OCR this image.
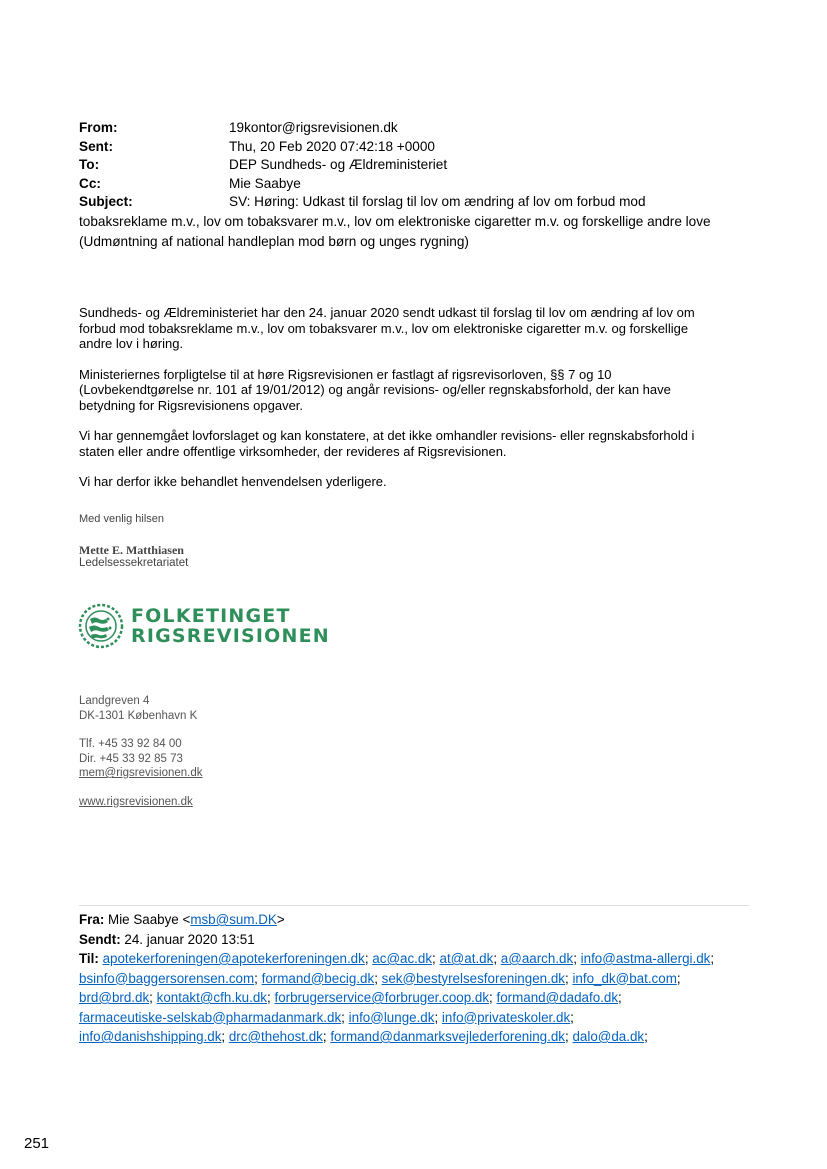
From:	19kontor@rigsrevisionen.dk
Sent:	Thu, 20 Feb 2020 07:42:18 +0000
To:	DEP Sundheds- og Ældreministeriet
Cc:	Mie Saabye
Subject:	SV: Høring: Udkast til forslag til lov om ændring af lov om forbud mod
tobaksreklame m.v., lov om tobaksvarer m.v., lov om elektroniske cigaretter m.v. og forskellige andre love
(Udmøntning af national handleplan mod børn og unges rygning)

Sundheds- og Ældreministeriet har den 24. januar 2020 sendt udkast til forslag til lov om ændring af lov om
forbud mod tobaksreklame m.v., lov om tobaksvarer m.v., lov om elektroniske cigaretter m.v. og forskellige
andre lov i høring.

Ministeriernes forpligtelse til at høre Rigsrevisionen er fastlagt af rigsrevisorloven, §§ 7 og 10
(Lovbekendtgørelse nr. 101 af 19/01/2012) og angår revisions- og/eller regnskabsforhold, der kan have
betydning for Rigsrevisionens opgaver.

Vi har gennemgået lovforslaget og kan konstatere, at det ikke omhandler revisions- eller regnskabsforhold i
staten eller andre offentlige virksomheder, der revideres af Rigsrevisionen.

Vi har derfor ikke behandlet henvendelsen yderligere.

Med venlig hilsen
Mette E. Matthiasen
Ledelsessekretariatet
FOLKETINGET
RIGSREVISIONEN
Landgreven 4
DK-1301 København K
Tlf. +45 33 92 84 00
Dir. +45 33 92 85 73
mem@rigsrevisionen.dk
www.rigsrevisionen.dk
Fra: Mie Saabye <msb@sum.DK>
Sendt: 24. januar 2020 13:51
Til: apotekerforeningen@apotekerforeningen.dk; ac@ac.dk; at@at.dk; a@aarch.dk; info@astma-allergi.dk;
bsinfo@baggersorensen.com; formand@becig.dk; sek@bestyrelsesforeningen.dk; info_dk@bat.com;
brd@brd.dk; kontakt@cfh.ku.dk; forbrugerservice@forbruger.coop.dk; formand@dadafo.dk;
farmaceutiske-selskab@pharmadanmark.dk; info@lunge.dk; info@privateskoler.dk;
info@danishshipping.dk; drc@thehost.dk; formand@danmarksvejlederforening.dk; dalo@da.dk;
251
